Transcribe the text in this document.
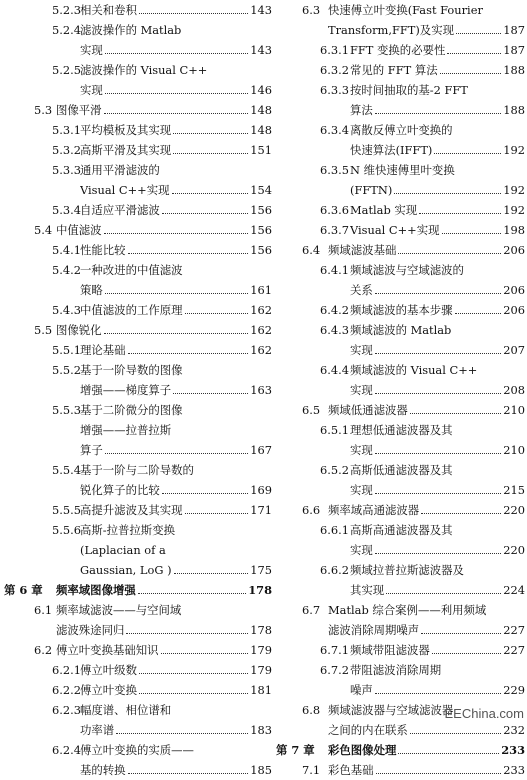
5.2.3 相关和卷积	143
5.2.4 滤波操作的 Matlab
实现	143
5.2.5 滤波操作的 Visual C++
实现	146
5.3 图像平滑	148
5.3.1 平均模板及其实现	148
5.3.2 高斯平滑及其实现	151
5.3.3 通用平滑滤波的
Visual C++实现	154
5.3.4 自适应平滑滤波	156
5.4 中值滤波	156
5.4.1 性能比较	156
5.4.2 一种改进的中值滤波
策略	161
5.4.3 中值滤波的工作原理	162
5.5 图像锐化	162
5.5.1 理论基础	162
5.5.2 基于一阶导数的图像
增强——梯度算子	163
5.5.3 基于二阶微分的图像
增强——拉普拉斯
算子	167
5.5.4 基于一阶与二阶导数的
锐化算子的比较	169
5.5.5 高提升滤波及其实现	171
5.5.6 高斯-拉普拉斯变换
(Laplacian of a
Gaussian, LoG )	175
第 6 章 频率域图像增强	178
6.1 频率域滤波——与空间域
滤波殊途同归	178
6.2 傅立叶变换基础知识	179
6.2.1 傅立叶级数	179
6.2.2 傅立叶变换	181
6.2.3 幅度谱、相位谱和
功率谱	183
6.2.4 傅立叶变换的实质——
基的转换	185
6.3 快速傅立叶变换(Fast Fourier
Transform,FFT)及实现	187
6.3.1 FFT 变换的必要性	187
6.3.2 常见的 FFT 算法	188
6.3.3 按时间抽取的基-2 FFT
算法	188
6.3.4 离散反傅立叶变换的
快速算法(IFFT)	192
6.3.5 N 维快速傅里叶变换
(FFTN)	192
6.3.6 Matlab 实现	192
6.3.7 Visual C++实现	198
6.4 频域滤波基础	206
6.4.1 频域滤波与空域滤波的
关系	206
6.4.2 频域滤波的基本步骤	206
6.4.3 频域滤波的 Matlab
实现	207
6.4.4 频域滤波的 Visual C++
实现	208
6.5 频域低通滤波器	210
6.5.1 理想低通滤波器及其
实现	210
6.5.2 高斯低通滤波器及其
实现	215
6.6 频率域高通滤波器	220
6.6.1 高斯高通滤波器及其
实现	220
6.6.2 频域拉普拉斯滤波器及
其实现	224
6.7 Matlab 综合案例——利用频域
滤波消除周期噪声	227
6.7.1 频域带阻滤波器	227
6.7.2 带阻滤波消除周期
噪声	229
6.8 频域滤波器与空域滤波器
之间的内在联系	232
第 7 章 彩色图像处理	233
7.1 彩色基础	233
EEChina.com
